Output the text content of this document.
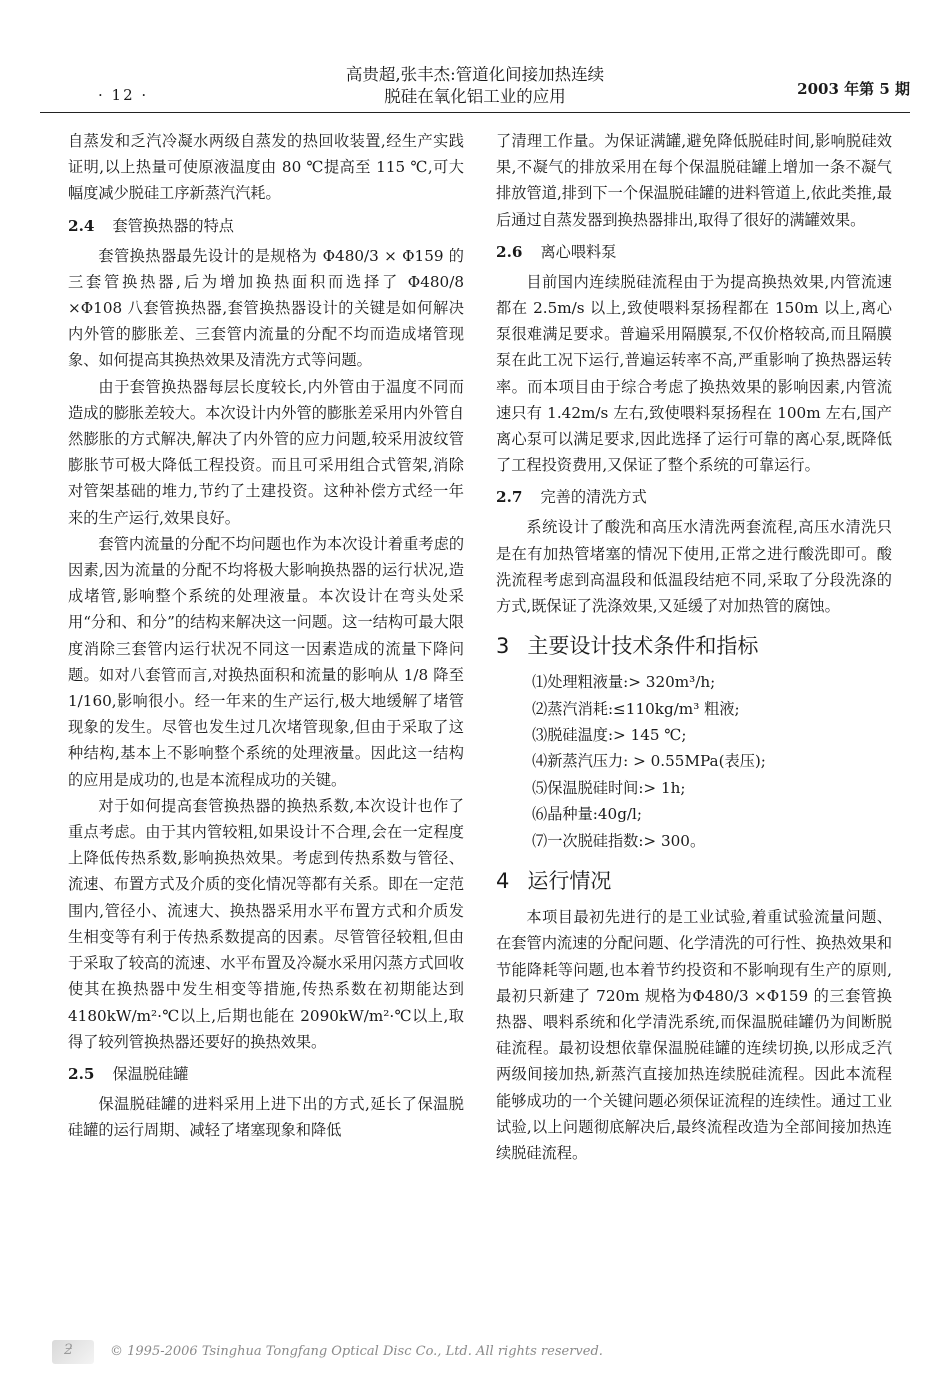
· 12 ·
高贵超,张丰杰:管道化间接加热连续
脱硅在氧化铝工业的应用	2003 年第 5 期

自蒸发和乏汽冷凝水两级自蒸发的热回收装置,经生产实践证明,以上热量可使原液温度由 80 ℃提高至 115 ℃,可大幅度减少脱硅工序新蒸汽汽耗。

2.4 套管换热器的特点

套管换热器最先设计的是规格为 Φ480/3 × Φ159 的三套管换热器,后为增加换热面积而选择了 Φ480/8 ×Φ108 八套管换热器,套管换热器设计的关键是如何解决内外管的膨胀差、三套管内流量的分配不均而造成堵管现象、如何提高其换热效果及清洗方式等问题。

由于套管换热器每层长度较长,内外管由于温度不同而造成的膨胀差较大。本次设计内外管的膨胀差采用内外管自然膨胀的方式解决,解决了内外管的应力问题,较采用波纹管膨胀节可极大降低工程投资。而且可采用组合式管架,消除对管架基础的堆力,节约了土建投资。这种补偿方式经一年来的生产运行,效果良好。

套管内流量的分配不均问题也作为本次设计着重考虑的因素,因为流量的分配不均将极大影响换热器的运行状况,造成堵管,影响整个系统的处理液量。本次设计在弯头处采用“分和、和分”的结构来解决这一问题。这一结构可最大限度消除三套管内运行状况不同这一因素造成的流量下降问题。如对八套管而言,对换热面积和流量的影响从 1/8 降至 1/160,影响很小。经一年来的生产运行,极大地缓解了堵管现象的发生。尽管也发生过几次堵管现象,但由于采取了这种结构,基本上不影响整个系统的处理液量。因此这一结构的应用是成功的,也是本流程成功的关键。

对于如何提高套管换热器的换热系数,本次设计也作了重点考虑。由于其内管较粗,如果设计不合理,会在一定程度上降低传热系数,影响换热效果。考虑到传热系数与管径、流速、布置方式及介质的变化情况等都有关系。即在一定范围内,管径小、流速大、换热器采用水平布置方式和介质发生相变等有利于传热系数提高的因素。尽管管径较粗,但由于采取了较高的流速、水平布置及冷凝水采用闪蒸方式回收使其在换热器中发生相变等措施,传热系数在初期能达到 4180kW/m²·℃以上,后期也能在 2090kW/m²·℃以上,取得了较列管换热器还要好的换热效果。

2.5 保温脱硅罐

保温脱硅罐的进料采用上进下出的方式,延长了保温脱硅罐的运行周期、减轻了堵塞现象和降低

了清理工作量。为保证满罐,避免降低脱硅时间,影响脱硅效果,不凝气的排放采用在每个保温脱硅罐上增加一条不凝气排放管道,排到下一个保温脱硅罐的进料管道上,依此类推,最后通过自蒸发器到换热器排出,取得了很好的满罐效果。

2.6 离心喂料泵

目前国内连续脱硅流程由于为提高换热效果,内管流速都在 2.5m/s 以上,致使喂料泵扬程都在 150m 以上,离心泵很难满足要求。普遍采用隔膜泵,不仅价格较高,而且隔膜泵在此工况下运行,普遍运转率不高,严重影响了换热器运转率。而本项目由于综合考虑了换热效果的影响因素,内管流速只有 1.42m/s 左右,致使喂料泵扬程在 100m 左右,国产离心泵可以满足要求,因此选择了运行可靠的离心泵,既降低了工程投资费用,又保证了整个系统的可靠运行。

2.7 完善的清洗方式

系统设计了酸洗和高压水清洗两套流程,高压水清洗只是在有加热管堵塞的情况下使用,正常之进行酸洗即可。酸洗流程考虑到高温段和低温段结疤不同,采取了分段洗涤的方式,既保证了洗涤效果,又延缓了对加热管的腐蚀。

3 主要设计技术条件和指标
⑴处理粗液量:> 320m³/h;
⑵蒸汽消耗:≤110kg/m³ 粗液;
⑶脱硅温度:> 145 ℃;
⑷新蒸汽压力: > 0.55MPa(表压);
⑸保温脱硅时间:> 1h;
⑹晶种量:40g/l;
⑺一次脱硅指数:> 300。
4 运行情况

本项目最初先进行的是工业试验,着重试验流量问题、在套管内流速的分配问题、化学清洗的可行性、换热效果和节能降耗等问题,也本着节约投资和不影响现有生产的原则,最初只新建了 720m 规格为Φ480/3 ×Φ159 的三套管换热器、喂料系统和化学清洗系统,而保温脱硅罐仍为间断脱硅流程。最初设想依靠保温脱硅罐的连续切换,以形成乏汽两级间接加热,新蒸汽直接加热连续脱硅流程。因此本流程能够成功的一个关键问题必须保证流程的连续性。通过工业试验,以上问题彻底解决后,最终流程改造为全部间接加热连续脱硅流程。

ƻ	© 1995-2006 Tsinghua Tongfang Optical Disc Co., Ltd. All rights reserved.
